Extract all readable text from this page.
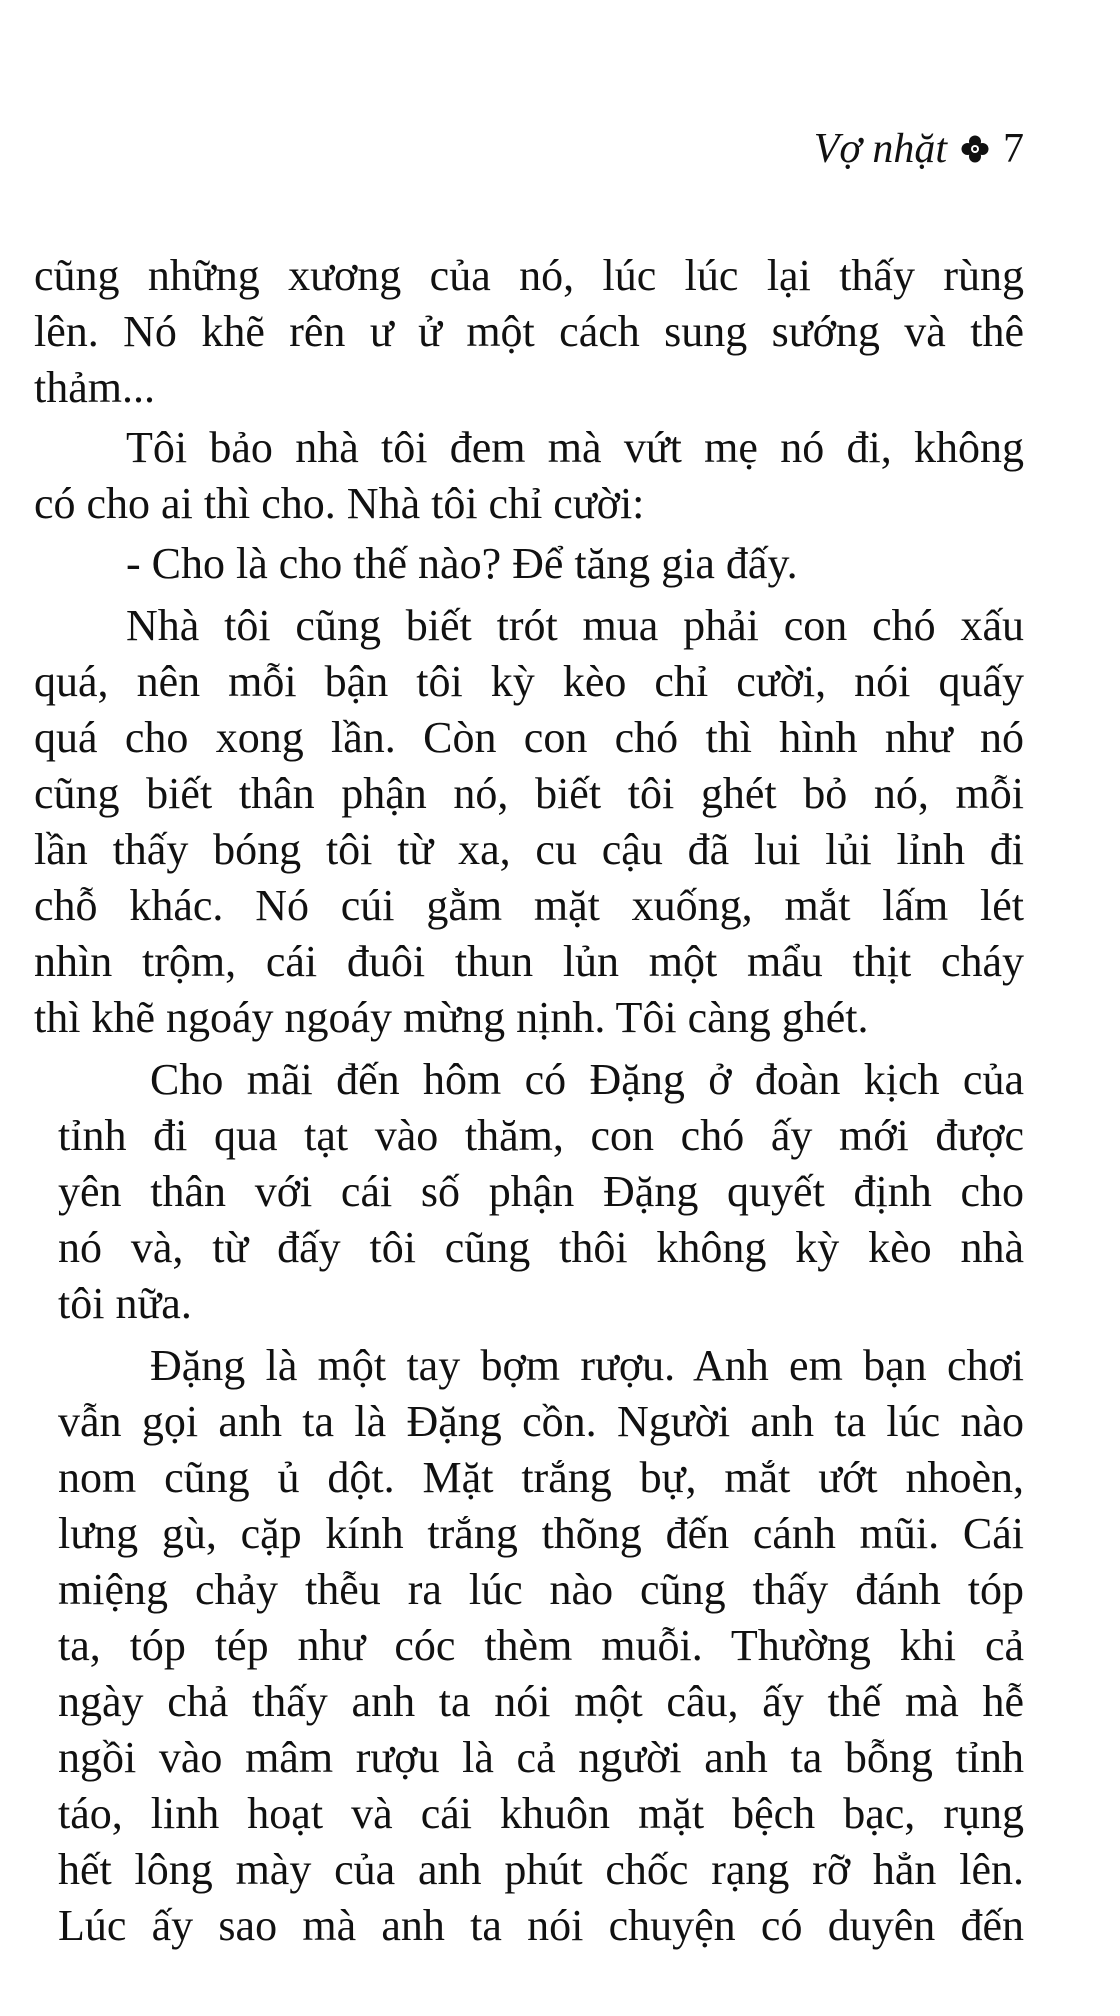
Vợ nhặt 7
cũng những xương của nó, lúc lúc lại thấy rùng
lên. Nó khẽ rên ư ử một cách sung sướng và thê
thảm...
Tôi bảo nhà tôi đem mà vứt mẹ nó đi, không
có cho ai thì cho. Nhà tôi chỉ cười:
- Cho là cho thế nào? Để tăng gia đấy.
Nhà tôi cũng biết trót mua phải con chó xấu
quá, nên mỗi bận tôi kỳ kèo chỉ cười, nói quấy
quá cho xong lần. Còn con chó thì hình như nó
cũng biết thân phận nó, biết tôi ghét bỏ nó, mỗi
lần thấy bóng tôi từ xa, cu cậu đã lui lủi lỉnh đi
chỗ khác. Nó cúi gằm mặt xuống, mắt lấm lét
nhìn trộm, cái đuôi thun lủn một mẩu thịt cháy
thì khẽ ngoáy ngoáy mừng nịnh. Tôi càng ghét.
Cho mãi đến hôm có Đặng ở đoàn kịch của
tỉnh đi qua tạt vào thăm, con chó ấy mới được
yên thân với cái số phận Đặng quyết định cho
nó và, từ đấy tôi cũng thôi không kỳ kèo nhà
tôi nữa.
Đặng là một tay bợm rượu. Anh em bạn chơi
vẫn gọi anh ta là Đặng cồn. Người anh ta lúc nào
nom cũng ủ dột. Mặt trắng bự, mắt ướt nhoèn,
lưng gù, cặp kính trắng thõng đến cánh mũi. Cái
miệng chảy thễu ra lúc nào cũng thấy đánh tóp
ta, tóp tép như cóc thèm muỗi. Thường khi cả
ngày chả thấy anh ta nói một câu, ấy thế mà hễ
ngồi vào mâm rượu là cả người anh ta bỗng tỉnh
táo, linh hoạt và cái khuôn mặt bệch bạc, rụng
hết lông mày của anh phút chốc rạng rỡ hẳn lên.
Lúc ấy sao mà anh ta nói chuyện có duyên đến
